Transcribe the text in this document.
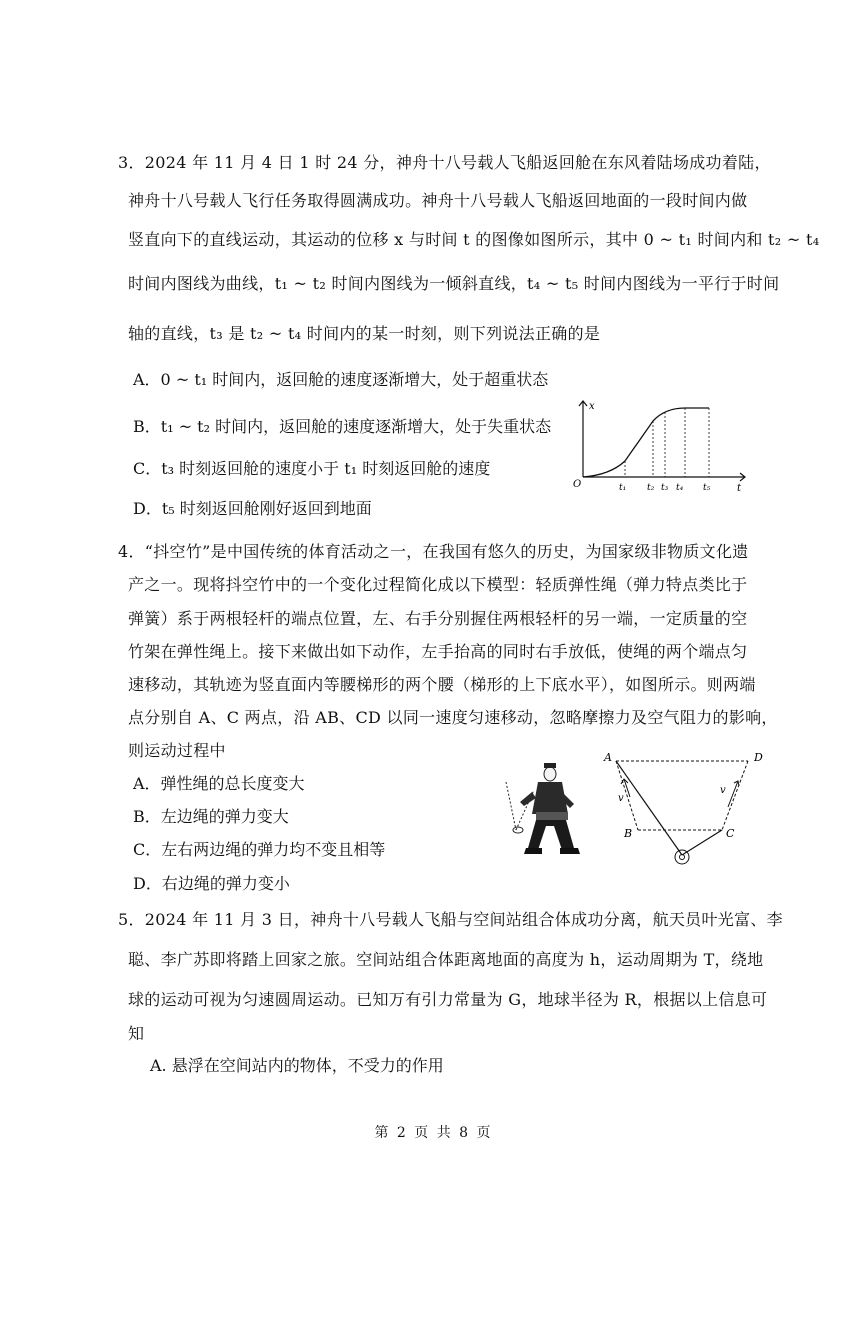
3．2024 年 11 月 4 日 1 时 24 分，神舟十八号载人飞船返回舱在东风着陆场成功着陆，
神舟十八号载人飞行任务取得圆满成功。神舟十八号载人飞船返回地面的一段时间内做
竖直向下的直线运动，其运动的位移 x 与时间 t 的图像如图所示，其中 0 ~ t₁ 时间内和 t₂ ~ t₄
时间内图线为曲线，t₁ ~ t₂ 时间内图线为一倾斜直线，t₄ ~ t₅ 时间内图线为一平行于时间
轴的直线，t₃ 是 t₂ ~ t₄ 时间内的某一时刻，则下列说法正确的是
A．0 ~ t₁ 时间内，返回舱的速度逐渐增大，处于超重状态
B．t₁ ~ t₂ 时间内，返回舱的速度逐渐增大，处于失重状态
C．t₃ 时刻返回舱的速度小于 t₁ 时刻返回舱的速度
D．t₅ 时刻返回舱刚好返回到地面
x
t
O	t₁ t₂ t₃ t₄ t₅
4．“抖空竹”是中国传统的体育活动之一，在我国有悠久的历史，为国家级非物质文化遗
产之一。现将抖空竹中的一个变化过程简化成以下模型：轻质弹性绳（弹力特点类比于
弹簧）系于两根轻杆的端点位置，左、右手分别握住两根轻杆的另一端，一定质量的空
竹架在弹性绳上。接下来做出如下动作，左手抬高的同时右手放低，使绳的两个端点匀
速移动，其轨迹为竖直面内等腰梯形的两个腰（梯形的上下底水平），如图所示。则两端
点分别自 A、C 两点，沿 AB、CD 以同一速度匀速移动，忽略摩擦力及空气阻力的影响，
则运动过程中
A．弹性绳的总长度变大
B．左边绳的弹力变大
C．左右两边绳的弹力均不变且相等
D．右边绳的弹力变小
A	D
B	C
v
v
5．2024 年 11 月 3 日，神舟十八号载人飞船与空间站组合体成功分离，航天员叶光富、李
聪、李广苏即将踏上回家之旅。空间站组合体距离地面的高度为 h，运动周期为 T，绕地
球的运动可视为匀速圆周运动。已知万有引力常量为 G，地球半径为 R，根据以上信息可
知
A. 悬浮在空间站内的物体，不受力的作用
第 2 页 共 8 页
